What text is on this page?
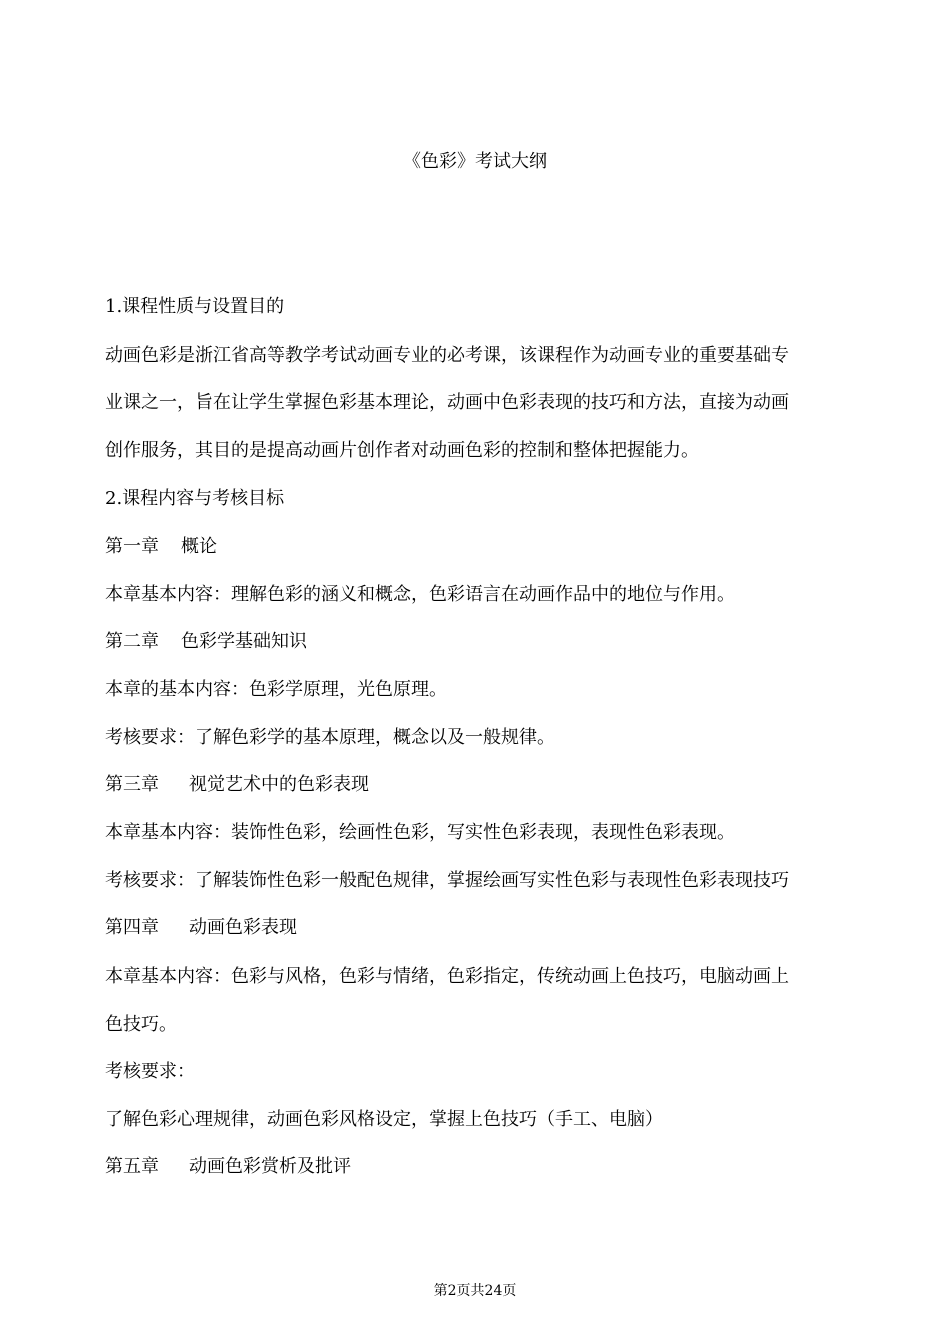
《色彩》考试大纲
1.课程性质与设置目的
动画色彩是浙江省高等教学考试动画专业的必考课，该课程作为动画专业的重要基础专
业课之一，旨在让学生掌握色彩基本理论，动画中色彩表现的技巧和方法，直接为动画
创作服务，其目的是提高动画片创作者对动画色彩的控制和整体把握能力。
2.课程内容与考核目标
第一章 概论
本章基本内容：理解色彩的涵义和概念，色彩语言在动画作品中的地位与作用。
第二章 色彩学基础知识
本章的基本内容：色彩学原理，光色原理。
考核要求：了解色彩学的基本原理，概念以及一般规律。
第三章 视觉艺术中的色彩表现
本章基本内容：装饰性色彩，绘画性色彩，写实性色彩表现，表现性色彩表现。
考核要求：了解装饰性色彩一般配色规律，掌握绘画写实性色彩与表现性色彩表现技巧
第四章 动画色彩表现
本章基本内容：色彩与风格，色彩与情绪，色彩指定，传统动画上色技巧，电脑动画上
色技巧。
考核要求：
了解色彩心理规律，动画色彩风格设定，掌握上色技巧（手工、电脑）
第五章 动画色彩赏析及批评
第2页共24页
